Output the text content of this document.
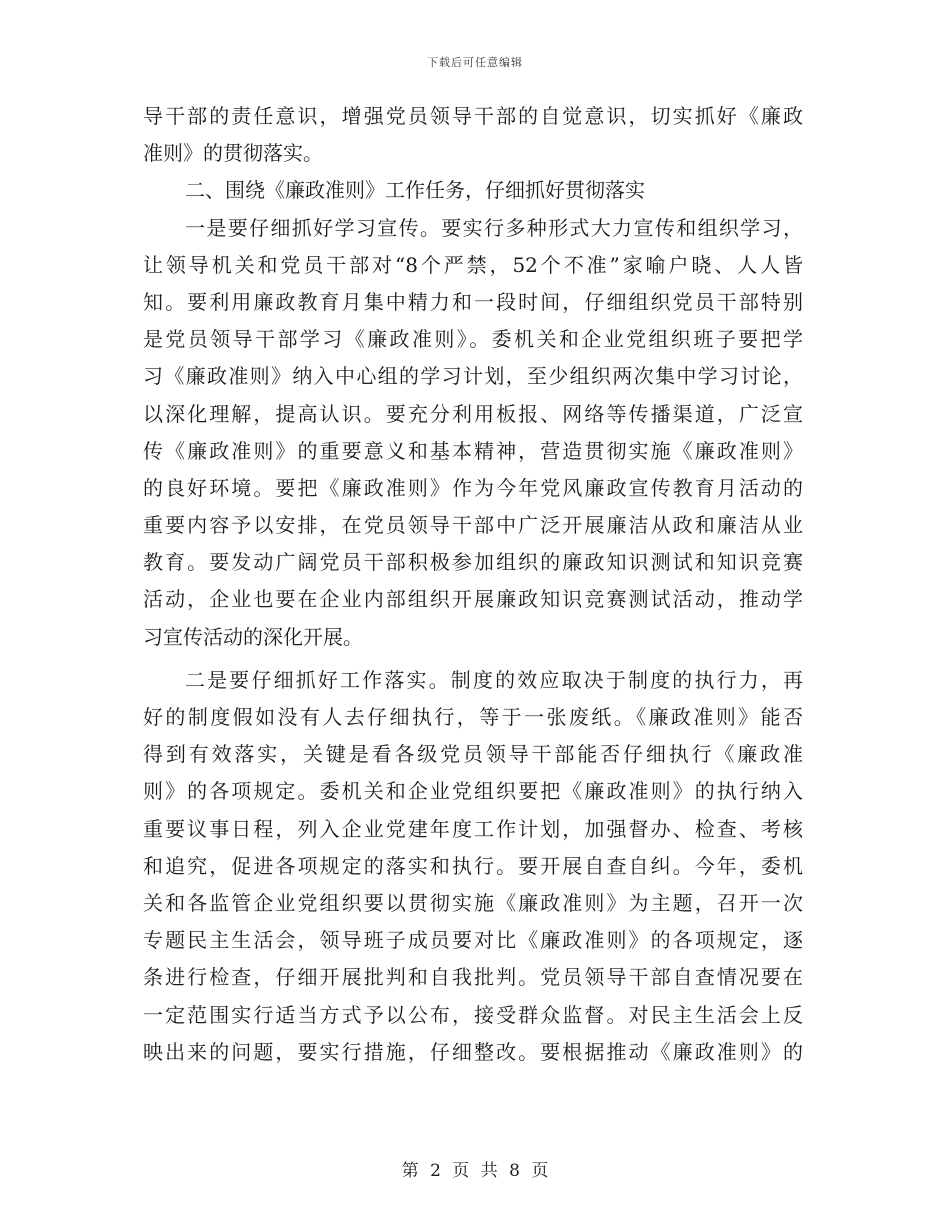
下载后可任意编辑
导干部的责任意识，增强党员领导干部的自觉意识，切实抓好《廉政
准则》的贯彻落实。
二、围绕《廉政准则》工作任务，仔细抓好贯彻落实
一是要仔细抓好学习宣传。要实行多种形式大力宣传和组织学习，
让领导机关和党员干部对“8个严禁，52个不准”家喻户晓、人人皆
知。要利用廉政教育月集中精力和一段时间，仔细组织党员干部特别
是党员领导干部学习《廉政准则》。委机关和企业党组织班子要把学
习《廉政准则》纳入中心组的学习计划，至少组织两次集中学习讨论，
以深化理解，提高认识。要充分利用板报、网络等传播渠道，广泛宣
传《廉政准则》的重要意义和基本精神，营造贯彻实施《廉政准则》
的良好环境。要把《廉政准则》作为今年党风廉政宣传教育月活动的
重要内容予以安排，在党员领导干部中广泛开展廉洁从政和廉洁从业
教育。要发动广阔党员干部积极参加组织的廉政知识测试和知识竞赛
活动，企业也要在企业内部组织开展廉政知识竞赛测试活动，推动学
习宣传活动的深化开展。
二是要仔细抓好工作落实。制度的效应取决于制度的执行力，再
好的制度假如没有人去仔细执行，等于一张废纸。《廉政准则》能否
得到有效落实，关键是看各级党员领导干部能否仔细执行《廉政准
则》的各项规定。委机关和企业党组织要把《廉政准则》的执行纳入
重要议事日程，列入企业党建年度工作计划，加强督办、检查、考核
和追究，促进各项规定的落实和执行。要开展自查自纠。今年，委机
关和各监管企业党组织要以贯彻实施《廉政准则》为主题，召开一次
专题民主生活会，领导班子成员要对比《廉政准则》的各项规定，逐
条进行检查，仔细开展批判和自我批判。党员领导干部自查情况要在
一定范围实行适当方式予以公布，接受群众监督。对民主生活会上反
映出来的问题，要实行措施，仔细整改。要根据推动《廉政准则》的
第 2 页 共 8 页
